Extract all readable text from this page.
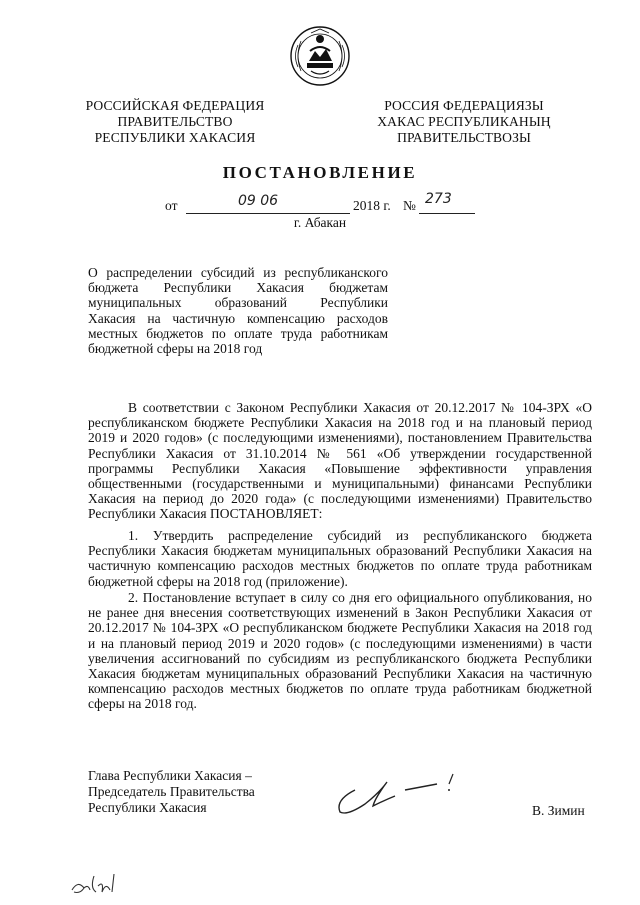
РОССИЙСКАЯ ФЕДЕРАЦИЯ
ПРАВИТЕЛЬСТВО
РЕСПУБЛИКИ ХАКАСИЯ
РОССИЯ ФЕДЕРАЦИЯЗЫ
ХАКАС РЕСПУБЛИКАНЫҢ
ПРАВИТЕЛЬСТВОЗЫ
ПОСТАНОВЛЕНИЕ
от	09 06	2018 г. № 273
г. Абакан
О распределении субсидий из республиканского
бюджета Республики Хакасия бюджетам
муниципальных образований Республики
Хакасия на частичную компенсацию расходов
местных бюджетов по оплате труда работникам
бюджетной сферы на 2018 год
В соответствии с Законом Республики Хакасия от 20.12.2017 № 104-ЗРХ «О республиканском бюджете Республики Хакасия на 2018 год и на плановый период 2019 и 2020 годов» (с последующими изменениями), постановлением Правительства Республики Хакасия от 31.10.2014 № 561 «Об утверждении государственной программы Республики Хакасия «Повышение эффективности управления общественными (государственными и муниципальными) финансами Республики Хакасия на период до 2020 года» (с последующими изменениями) Правительство Республики Хакасия ПОСТАНОВЛЯЕТ:
1. Утвердить распределение субсидий из республиканского бюджета Республики Хакасия бюджетам муниципальных образований Республики Хакасия на частичную компенсацию расходов местных бюджетов по оплате труда работникам бюджетной сферы на 2018 год (приложение).
2. Постановление вступает в силу со дня его официального опубликования, но не ранее дня внесения соответствующих изменений в Закон Республики Хакасия от 20.12.2017 № 104-ЗРХ «О республиканском бюджете Республики Хакасия на 2018 год и на плановый период 2019 и 2020 годов» (с последующими изменениями) в части увеличения ассигнований по субсидиям из республиканского бюджета Республики Хакасия бюджетам муниципальных образований Республики Хакасия на частичную компенсацию расходов местных бюджетов по оплате труда работникам бюджетной сферы на 2018 год.
Глава Республики Хакасия –
Председатель Правительства
Республики Хакасия	В. Зимин
